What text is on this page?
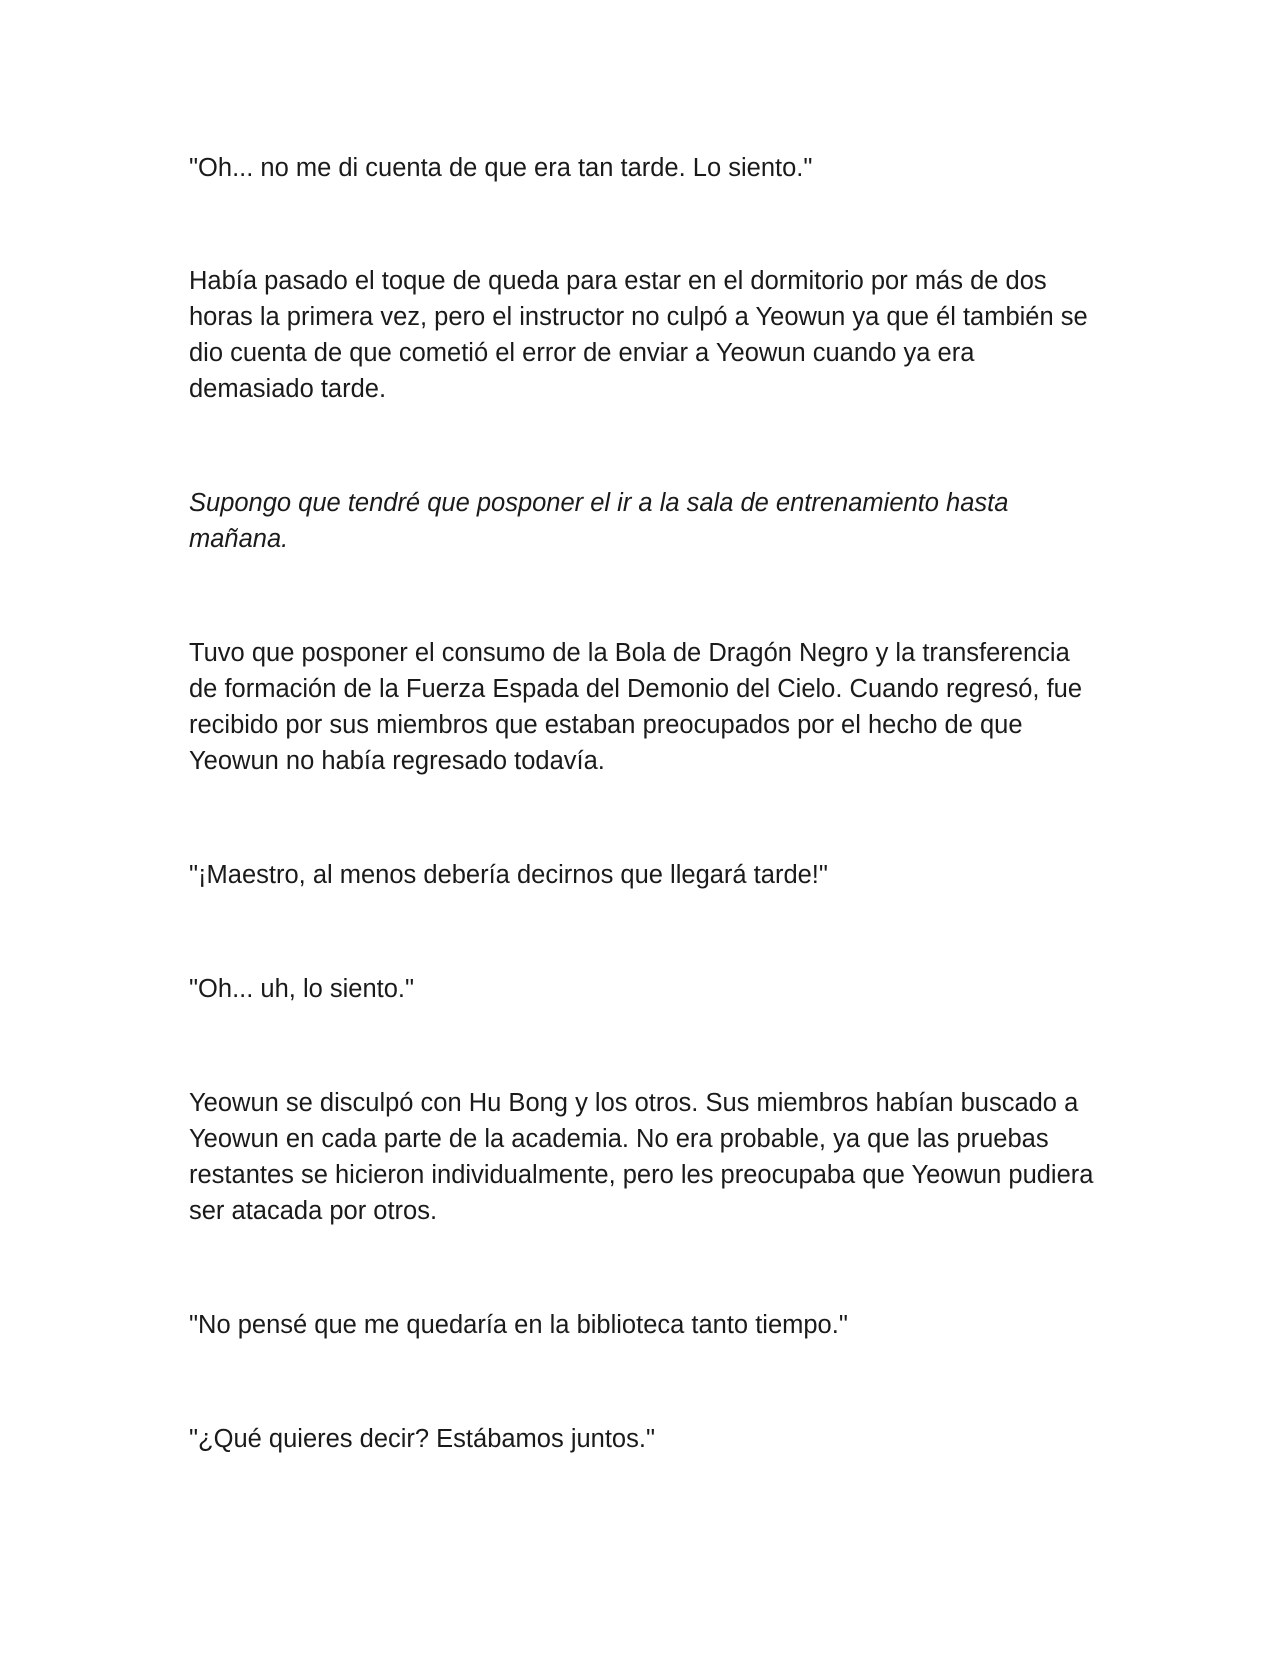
"Oh... no me di cuenta de que era tan tarde. Lo siento."

Había pasado el toque de queda para estar en el dormitorio por más de dos horas la primera vez, pero el instructor no culpó a Yeowun ya que él también se dio cuenta de que cometió el error de enviar a Yeowun cuando ya era demasiado tarde.

Supongo que tendré que posponer el ir a la sala de entrenamiento hasta mañana.

Tuvo que posponer el consumo de la Bola de Dragón Negro y la transferencia de formación de la Fuerza Espada del Demonio del Cielo. Cuando regresó, fue recibido por sus miembros que estaban preocupados por el hecho de que Yeowun no había regresado todavía.

"¡Maestro, al menos debería decirnos que llegará tarde!"

"Oh... uh, lo siento."

Yeowun se disculpó con Hu Bong y los otros. Sus miembros habían buscado a Yeowun en cada parte de la academia. No era probable, ya que las pruebas restantes se hicieron individualmente, pero les preocupaba que Yeowun pudiera ser atacada por otros.

"No pensé que me quedaría en la biblioteca tanto tiempo."

"¿Qué quieres decir? Estábamos juntos."
